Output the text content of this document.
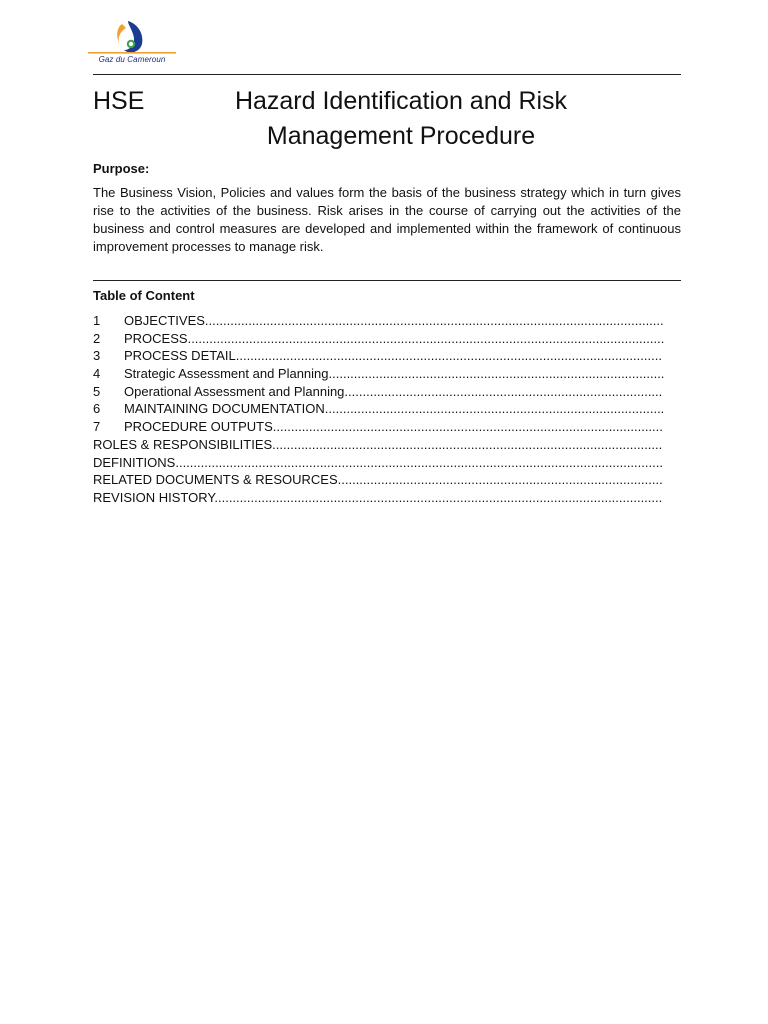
Gaz du Cameroun
HSE	Hazard Identification and Risk
Management Procedure
Purpose:
The Business Vision, Policies and values form the basis of the business strategy which in turn gives rise to the activities of the business. Risk arises in the course of carrying out the activities of the business and control measures are developed and implemented within the framework of continuous improvement processes to manage risk.
Table of Content
1	OBJECTIVES...............................................................................................................................
2	PROCESS....................................................................................................................................
3	PROCESS DETAIL......................................................................................................................
4	Strategic Assessment and Planning.............................................................................................
5	Operational Assessment and Planning........................................................................................
6	MAINTAINING DOCUMENTATION..............................................................................................
7	PROCEDURE OUTPUTS............................................................................................................
ROLES & RESPONSIBILITIES............................................................................................................
DEFINITIONS.......................................................................................................................................
RELATED DOCUMENTS & RESOURCES..........................................................................................
REVISION HISTORY............................................................................................................................
